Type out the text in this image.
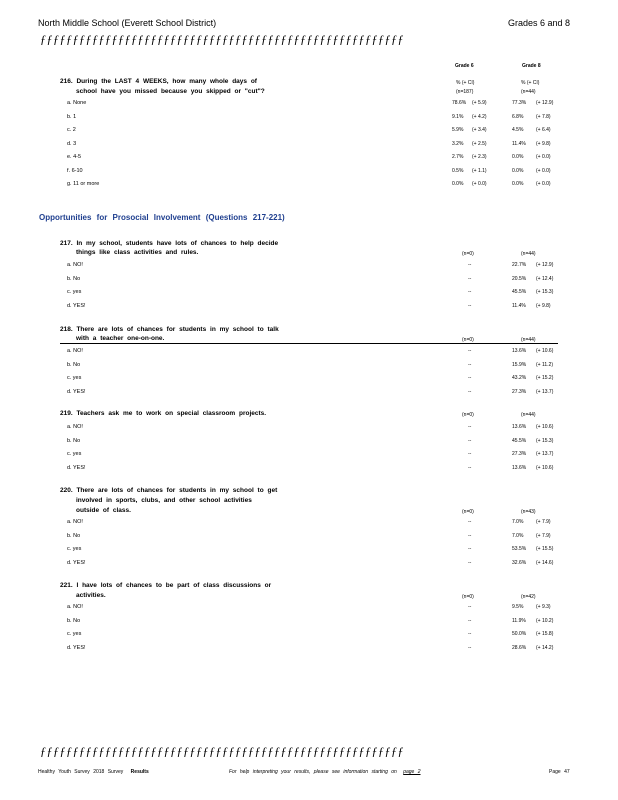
North Middle School (Everett School District)	Grades 6 and 8
ƒƒƒƒƒƒƒƒƒƒƒƒƒƒƒƒƒƒƒƒƒƒƒƒƒƒƒƒƒƒƒƒƒƒƒƒƒƒƒƒƒƒƒƒƒƒƒƒƒƒƒƒƒƒƒƒ
Grade 6	Grade 8
% (+ CI)	% (+ CI)
216. During the LAST 4 WEEKS, how many whole days of
school have you missed because you skipped or "cut"?	(n=187)	(n=44)
a. None	78.6% (+ 5.9)	77.3% (+ 12.9)
b. 1	9.1% (+ 4.2)	6.8%	(+ 7.8)
c. 2	5.9% (+ 3.4)	4.5%	(+ 6.4)
d. 3	3.2% (+ 2.5)	11.4% (+ 9.8)
e. 4-5	2.7% (+ 2.3)	0.0%	(+ 0.0)
f. 6-10	0.5% (+ 1.1)	0.0%	(+ 0.0)
g. 11 or more	0.0% (+ 0.0)	0.0%	(+ 0.0)
Opportunities for Prosocial Involvement (Questions 217-221)
217. In my school, students have lots of chances to help decide
things like class activities and rules.	(n=0)	(n=44)
a. NO!	--	22.7% (+ 12.9)
b. No	--	20.5% (+ 12.4)
c. yes	--	45.5% (+ 15.3)
d. YES!	--	11.4% (+ 9.8)
218. There are lots of chances for students in my school to talk
with a teacher one-on-one.	(n=0)	(n=44)
a. NO!	--	13.6% (+ 10.6)
b. No	--	15.9% (+ 11.2)
c. yes	--	43.2% (+ 15.2)
d. YES!	--	27.3% (+ 13.7)
219. Teachers ask me to work on special classroom projects.	(n=0)	(n=44)
a. NO!	--	13.6% (+ 10.6)
b. No	--	45.5% (+ 15.3)
c. yes	--	27.3% (+ 13.7)
d. YES!	--	13.6% (+ 10.6)
220. There are lots of chances for students in my school to get
involved in sports, clubs, and other school activities
outside of class.	(n=0)	(n=43)
a. NO!	--	7.0%	(+ 7.9)
b. No	--	7.0%	(+ 7.9)
c. yes	--	53.5% (+ 15.5)
d. YES!	--	32.6% (+ 14.6)
221. I have lots of chances to be part of class discussions or
activities.	(n=0)	(n=42)
a. NO!	--	9.5%	(+ 9.3)
b. No	--	11.9% (+ 10.2)
c. yes	--	50.0% (+ 15.8)
d. YES!	--	28.6% (+ 14.2)
ƒƒƒƒƒƒƒƒƒƒƒƒƒƒƒƒƒƒƒƒƒƒƒƒƒƒƒƒƒƒƒƒƒƒƒƒƒƒƒƒƒƒƒƒƒƒƒƒƒƒƒƒƒƒƒƒ
Healthy Youth Survey 2018 Survey Results	For help interpreting your results, please see information starting on page 2	Page 47
